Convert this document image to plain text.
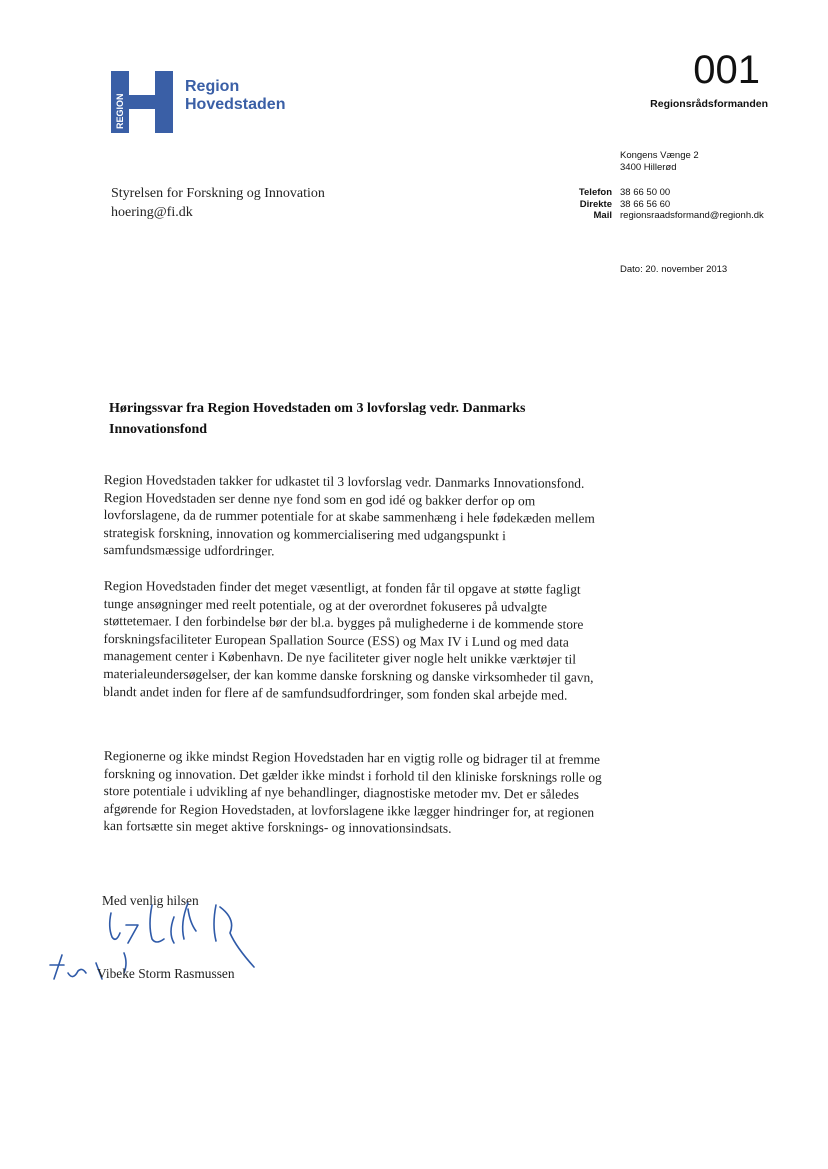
REGION
Region
Hovedstaden
001
Regionsrådsformanden
Kongens Vænge 2
3400 Hillerød
Telefon 38 66 50 00
Direkte 38 66 56 60
Mail regionsraadsformand@regionh.dk
Dato: 20. november 2013
Styrelsen for Forskning og Innovation
hoering@fi.dk
Høringssvar fra Region Hovedstaden om 3 lovforslag vedr. Danmarks Innovationsfond
Region Hovedstaden takker for udkastet til 3 lovforslag vedr. Danmarks Innovationsfond. Region Hovedstaden ser denne nye fond som en god idé og bakker derfor op om lovforslagene, da de rummer potentiale for at skabe sammenhæng i hele fødekæden mellem strategisk forskning, innovation og kommercialisering med udgangspunkt i samfundsmæssige udfordringer.
Region Hovedstaden finder det meget væsentligt, at fonden får til opgave at støtte fagligt tunge ansøgninger med reelt potentiale, og at der overordnet fokuseres på udvalgte støttetemaer. I den forbindelse bør der bl.a. bygges på mulighederne i de kommende store forskningsfaciliteter European Spallation Source (ESS) og Max IV i Lund og med data management center i København. De nye faciliteter giver nogle helt unikke værktøjer til materialeundersøgelser, der kan komme danske forskning og danske virksomheder til gavn, blandt andet inden for flere af de samfundsudfordringer, som fonden skal arbejde med.
Regionerne og ikke mindst Region Hovedstaden har en vigtig rolle og bidrager til at fremme forskning og innovation. Det gælder ikke mindst i forhold til den kliniske forsknings rolle og store potentiale i udvikling af nye behandlinger, diagnostiske metoder mv. Det er således afgørende for Region Hovedstaden, at lovforslagene ikke lægger hindringer for, at regionen kan fortsætte sin meget aktive forsknings- og innovationsindsats.
Med venlig hilsen
Vibeke Storm Rasmussen
